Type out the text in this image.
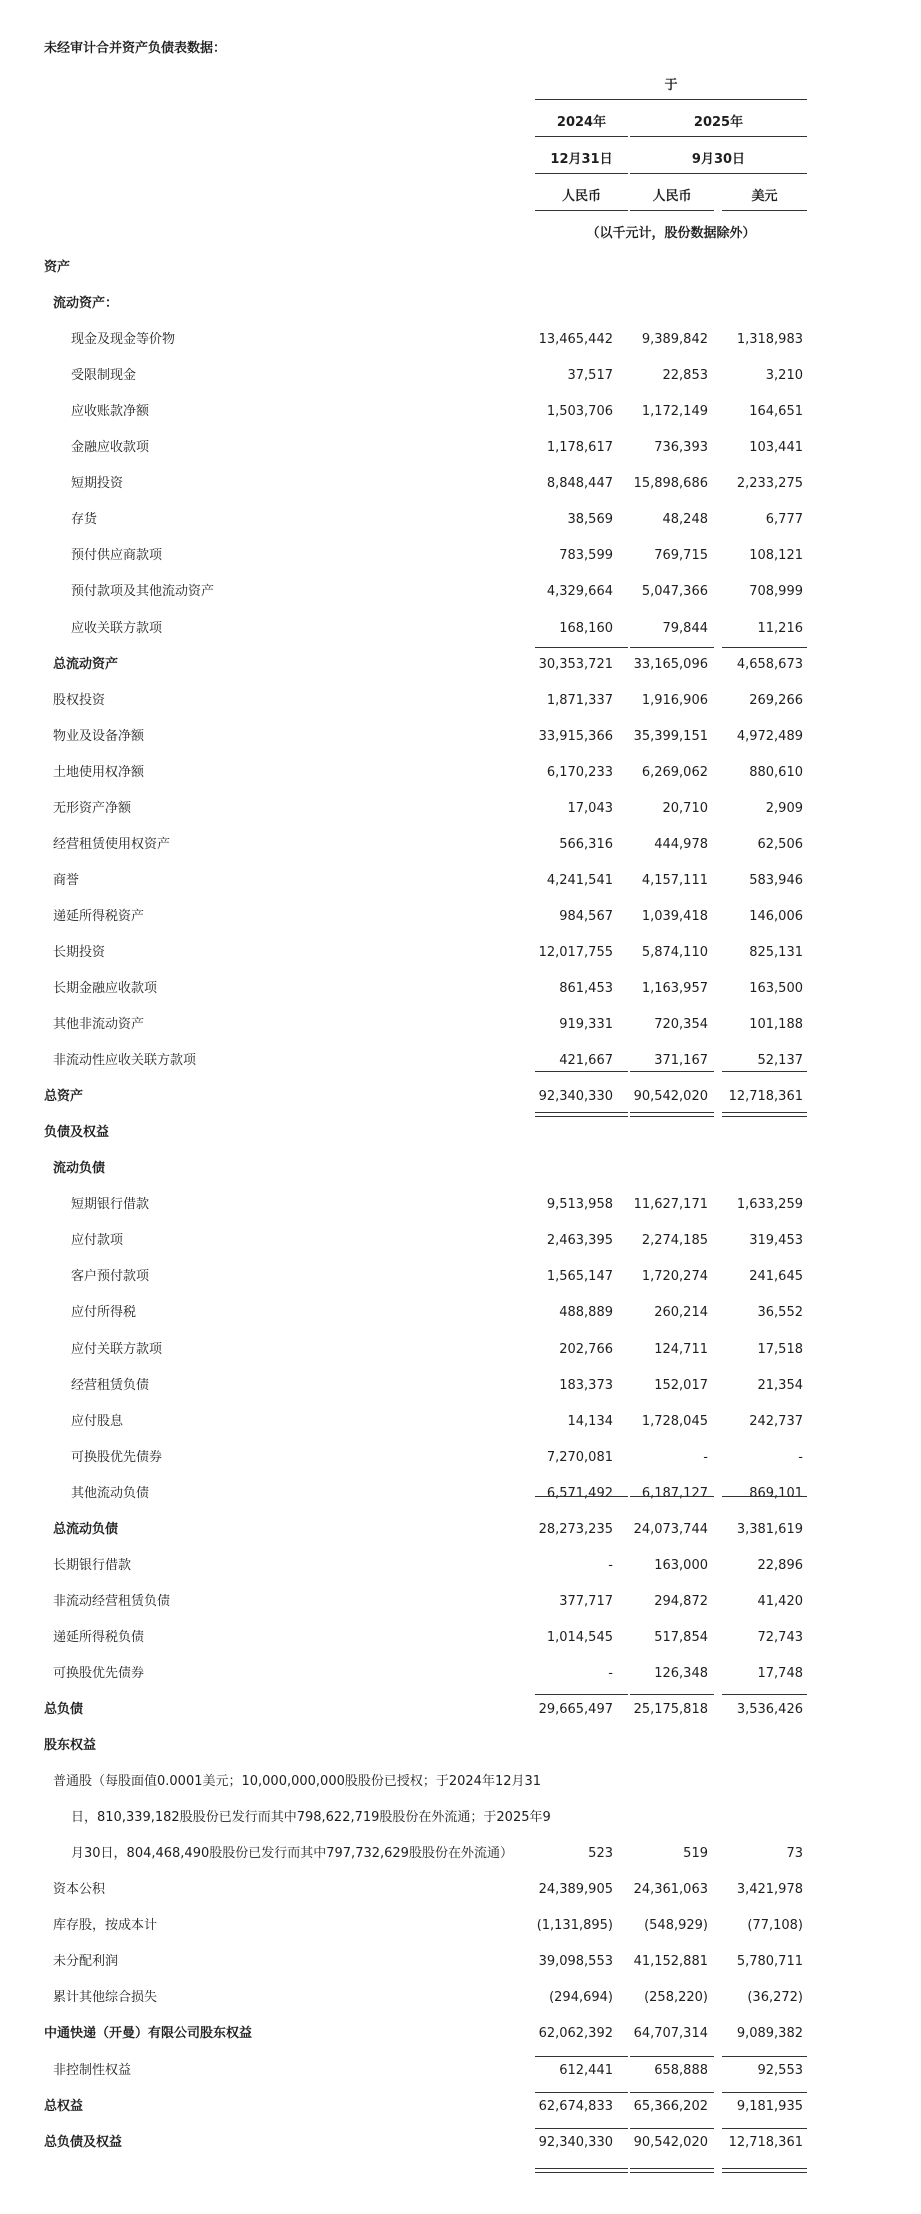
未经审计合并资产负债表数据：
于
2024年	2025年
12月31日	9月30日
人民币	人民币	美元
（以千元计，股份数据除外）
资产
流动资产：
现金及现金等价物	13,465,442 9,389,842 1,318,983
受限制现金	37,517	22,853	3,210
应收账款净额	1,503,706 1,172,149	164,651
金融应收款项	1,178,617	736,393	103,441
短期投资	8,848,447 15,898,686 2,233,275
存货	38,569	48,248	6,777
预付供应商款项	783,599	769,715	108,121
预付款项及其他流动资产	4,329,664 5,047,366	708,999
应收关联方款项	168,160	79,844	11,216
总流动资产	30,353,721 33,165,096 4,658,673
股权投资	1,871,337 1,916,906	269,266
物业及设备净额	33,915,366 35,399,151 4,972,489
土地使用权净额	6,170,233 6,269,062	880,610
无形资产净额	17,043	20,710	2,909
经营租赁使用权资产	566,316	444,978	62,506
商誉	4,241,541 4,157,111	583,946
递延所得税资产	984,567 1,039,418	146,006
长期投资	12,017,755 5,874,110	825,131
长期金融应收款项	861,453 1,163,957	163,500
其他非流动资产	919,331	720,354	101,188
非流动性应收关联方款项	421,667	371,167	52,137
总资产	92,340,330 90,542,020 12,718,361
负债及权益
流动负债
短期银行借款	9,513,958 11,627,171 1,633,259
应付款项	2,463,395 2,274,185	319,453
客户预付款项	1,565,147 1,720,274	241,645
应付所得税	488,889	260,214	36,552
应付关联方款项	202,766	124,711	17,518
经营租赁负债	183,373	152,017	21,354
应付股息	14,134 1,728,045	242,737
可换股优先债券	7,270,081	-	-
其他流动负债	6,571,492 6,187,127	869,101
总流动负债	28,273,235 24,073,744 3,381,619
长期银行借款	-	163,000	22,896
非流动经营租赁负债	377,717	294,872	41,420
递延所得税负债	1,014,545	517,854	72,743
可换股优先债券	-	126,348	17,748
总负债	29,665,497 25,175,818 3,536,426
股东权益
普通股（每股面值0.0001美元；10,000,000,000股股份已授权；于2024年12月31
日，810,339,182股股份已发行而其中798,622,719股股份在外流通；于2025年9
月30日，804,468,490股股份已发行而其中797,732,629股股份在外流通）	523	519	73
资本公积	24,389,905 24,361,063 3,421,978
库存股，按成本计	(1,131,895) (548,929)	(77,108)
未分配利润	39,098,553 41,152,881 5,780,711
累计其他综合损失	(294,694) (258,220)	(36,272)
中通快递（开曼）有限公司股东权益	62,062,392 64,707,314 9,089,382
非控制性权益	612,441	658,888	92,553
总权益	62,674,833 65,366,202 9,181,935
总负债及权益	92,340,330 90,542,020 12,718,361
